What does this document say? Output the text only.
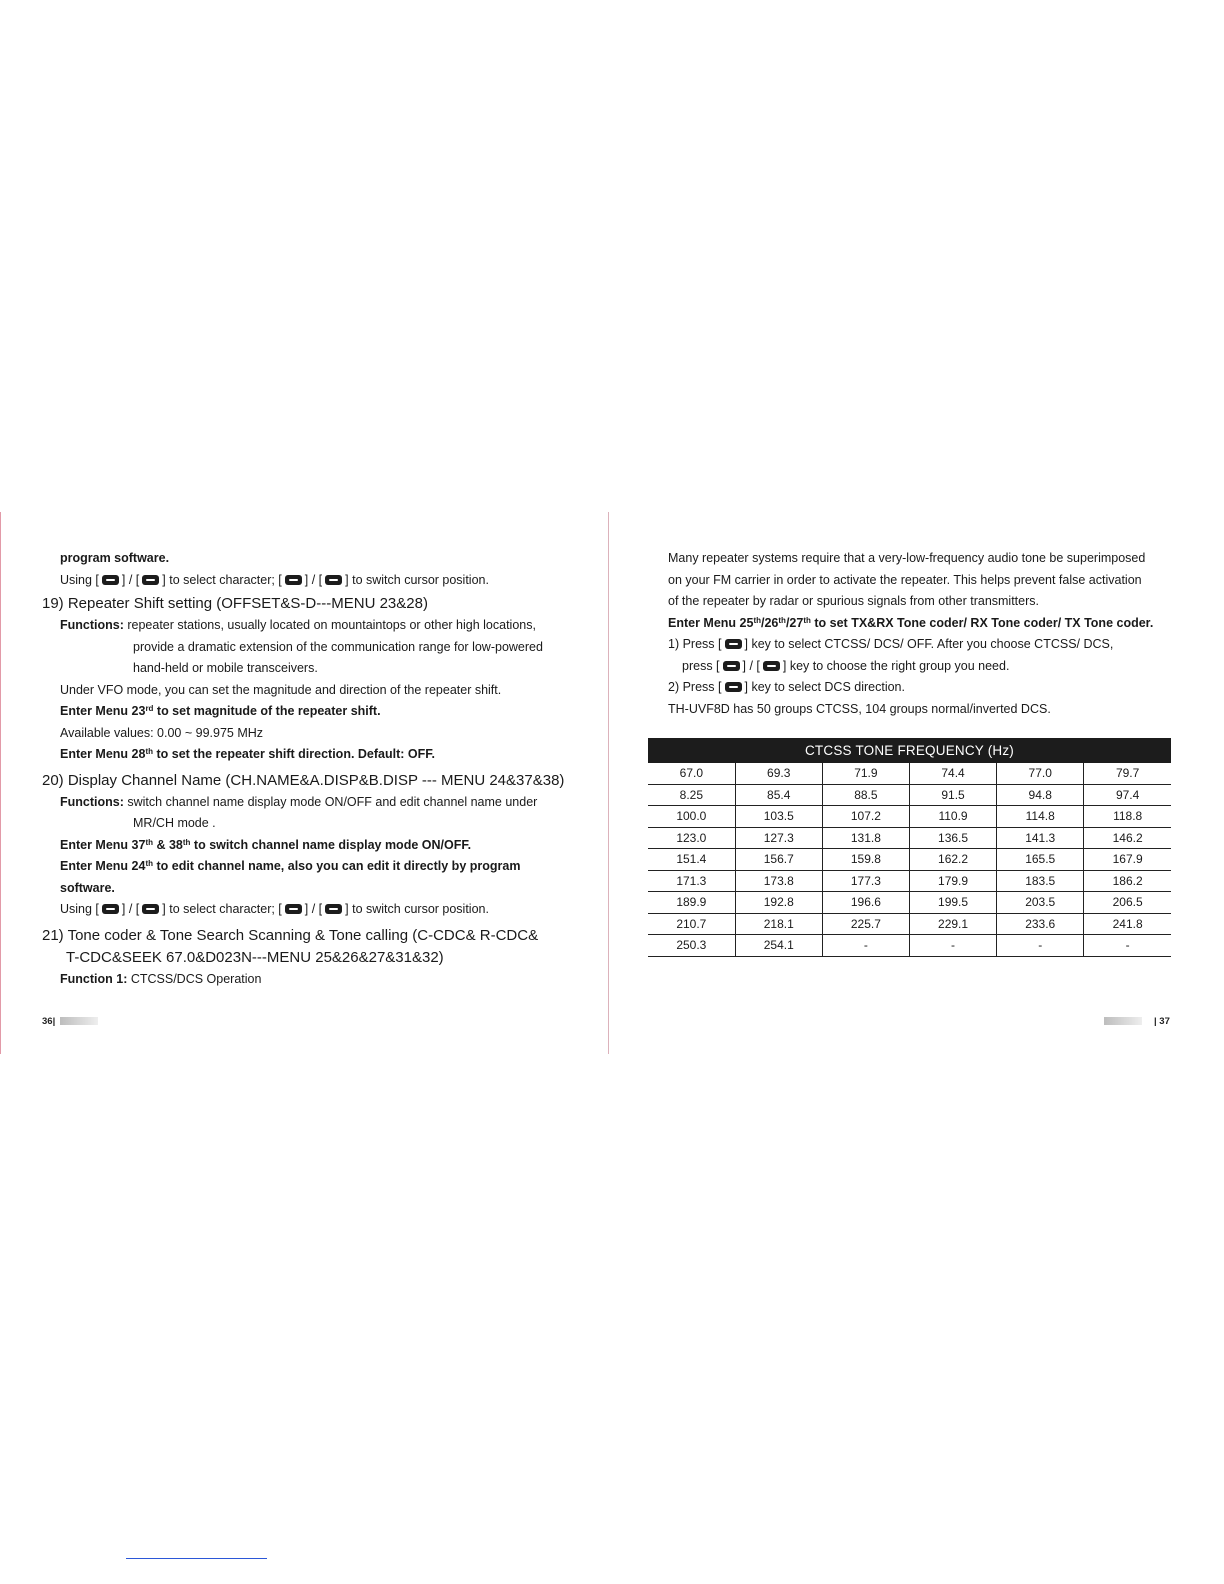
program software.
Using [ ] / [ ] to select character; [ ] / [ ] to switch cursor position.
19) Repeater Shift setting (OFFSET&S-D---MENU 23&28)
Functions: repeater stations, usually located on mountaintops or other high locations,
provide a dramatic extension of the communication range for low-powered
hand-held or mobile transceivers.
Under VFO mode, you can set the magnitude and direction of the repeater shift.
Enter Menu 23rd to set magnitude of the repeater shift.
Available values: 0.00 ~ 99.975 MHz
Enter Menu 28th to set the repeater shift direction. Default: OFF.
20) Display Channel Name (CH.NAME&A.DISP&B.DISP --- MENU 24&37&38)
Functions: switch channel name display mode ON/OFF and edit channel name under
MR/CH mode .
Enter Menu 37th & 38th to switch channel name display mode ON/OFF.
Enter Menu 24th to edit channel name, also you can edit it directly by program
software.
Using [ ] / [ ] to select character; [ ] / [ ] to switch cursor position.
21) Tone coder & Tone Search Scanning & Tone calling (C-CDC& R-CDC&
T-CDC&SEEK 67.0&D023N---MENU 25&26&27&31&32)
Function 1: CTCSS/DCS Operation
36|
Many repeater systems require that a very-low-frequency audio tone be superimposed
on your FM carrier in order to activate the repeater. This helps prevent false activation
of the repeater by radar or spurious signals from other transmitters.
Enter Menu 25th/26th/27th to set TX&RX Tone coder/ RX Tone coder/ TX Tone coder.
1) Press [ ] key to select CTCSS/ DCS/ OFF. After you choose CTCSS/ DCS,
press [ ] / [ ] key to choose the right group you need.
2) Press [ ] key to select DCS direction.
TH-UVF8D has 50 groups CTCSS, 104 groups normal/inverted DCS.
CTCSS TONE FREQUENCY (Hz)					
67.0	69.3	71.9	74.4	77.0	79.7
8.25	85.4	88.5	91.5	94.8	97.4
100.0	103.5	107.2	110.9	114.8	118.8
123.0	127.3	131.8	136.5	141.3	146.2
151.4	156.7	159.8	162.2	165.5	167.9
171.3	173.8	177.3	179.9	183.5	186.2
189.9	192.8	196.6	199.5	203.5	206.5
210.7	218.1	225.7	229.1	233.6	241.8
250.3	254.1	-	-	-	-
| 37
